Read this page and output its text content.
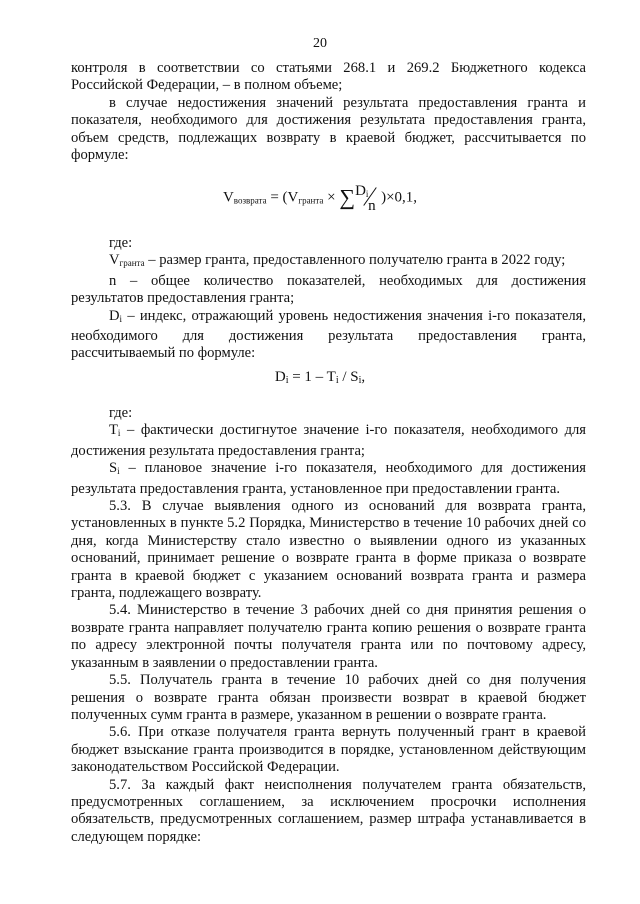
20

контроля в соответствии со статьями 268.1 и 269.2 Бюджетного кодекса Российской Федерации, – в полном объеме;

в случае недостижения значений результата предоставления гранта и показателя, необходимого для достижения результата предоставления гранта, объем средств, подлежащих возврату в краевой бюджет, рассчитывается по формуле:

$V_{возврата} = (V_{гранта}$ × ∑ $D_i$
n
)×0,1,

где:

Vгранта – размер гранта, предоставленного получателю гранта в 2022 году;

n – общее количество показателей, необходимых для достижения результатов предоставления гранта;

Di – индекс, отражающий уровень недостижения значения i-го показателя, необходимого для достижения результата предоставления гранта, рассчитываемый по формуле:

$D_i = 1 - T_i / S_i$,

где:

Ti – фактически достигнутое значение i-го показателя, необходимого для достижения результата предоставления гранта;

Si – плановое значение i-го показателя, необходимого для достижения результата предоставления гранта, установленное при предоставлении гранта.

5.3. В случае выявления одного из оснований для возврата гранта, установленных в пункте 5.2 Порядка, Министерство в течение 10 рабочих дней со дня, когда Министерству стало известно о выявлении одного из указанных оснований, принимает решение о возврате гранта в форме приказа о возврате гранта в краевой бюджет с указанием оснований возврата гранта и размера гранта, подлежащего возврату.

5.4. Министерство в течение 3 рабочих дней со дня принятия решения о возврате гранта направляет получателю гранта копию решения о возврате гранта по адресу электронной почты получателя гранта или по почтовому адресу, указанным в заявлении о предоставлении гранта.

5.5. Получатель гранта в течение 10 рабочих дней со дня получения решения о возврате гранта обязан произвести возврат в краевой бюджет полученных сумм гранта в размере, указанном в решении о возврате гранта.

5.6. При отказе получателя гранта вернуть полученный грант в краевой бюджет взыскание гранта производится в порядке, установленном действующим законодательством Российской Федерации.

5.7. За каждый факт неисполнения получателем гранта обязательств, предусмотренных соглашением, за исключением просрочки исполнения обязательств, предусмотренных соглашением, размер штрафа устанавливается в следующем порядке:
